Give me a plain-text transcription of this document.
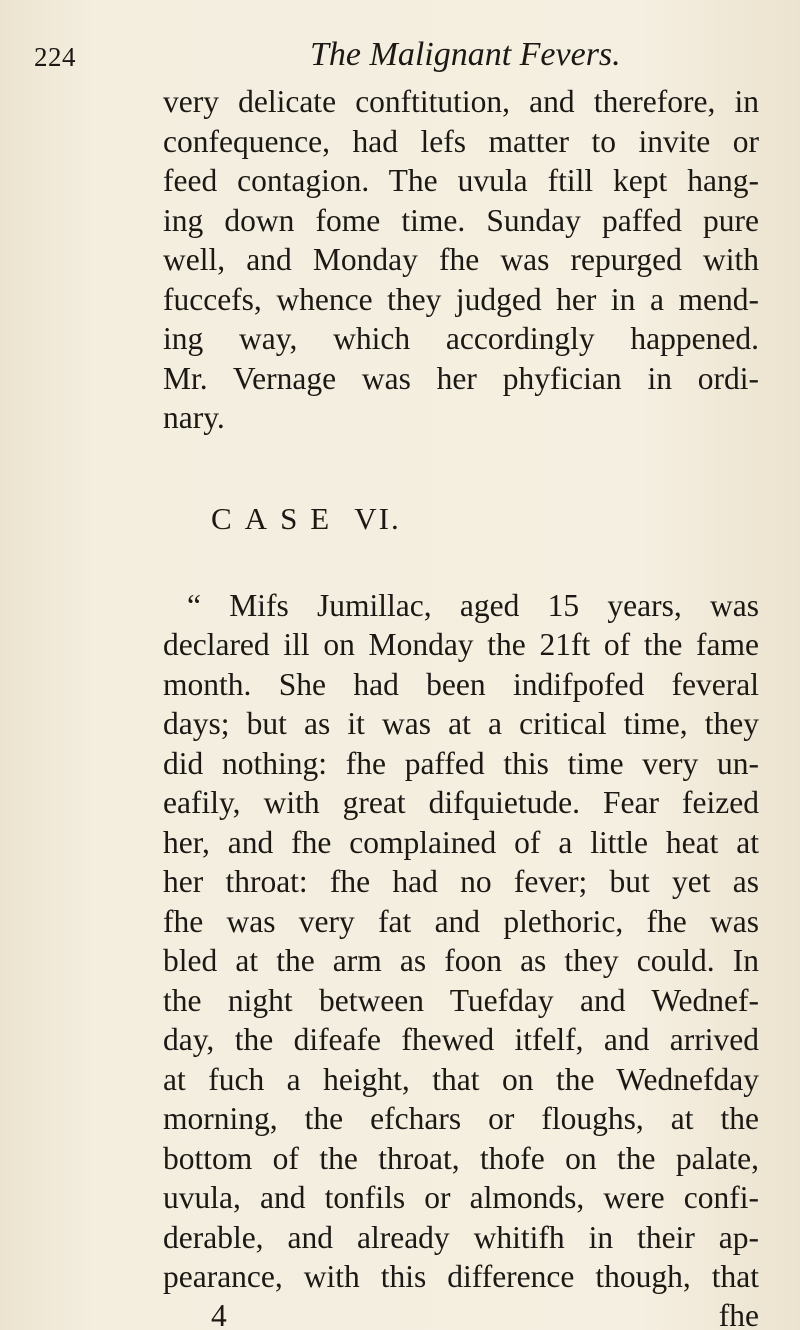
224	The Malignant Fevers.
very delicate conftitution, and therefore, in
confequence, had lefs matter to invite or
feed contagion. The uvula ftill kept hang-
ing down fome time. Sunday paffed pure
well, and Monday fhe was repurged with
fuccefs, whence they judged her in a mend-
ing way, which accordingly happened.
Mr. Vernage was her phyfician in ordi-
nary.
CASE VI.
“ Mifs Jumillac, aged 15 years, was
declared ill on Monday the 21ft of the fame
month. She had been indifpofed feveral
days; but as it was at a critical time, they
did nothing: fhe paffed this time very un-
eafily, with great difquietude. Fear feized
her, and fhe complained of a little heat at
her throat: fhe had no fever; but yet as
fhe was very fat and plethoric, fhe was
bled at the arm as foon as they could. In
the night between Tuefday and Wednef-
day, the difeafe fhewed itfelf, and arrived
at fuch a height, that on the Wednefday
morning, the efchars or floughs, at the
bottom of the throat, thofe on the palate,
uvula, and tonfils or almonds, were confi-
derable, and already whitifh in their ap-
pearance, with this difference though, that
4	fhe
